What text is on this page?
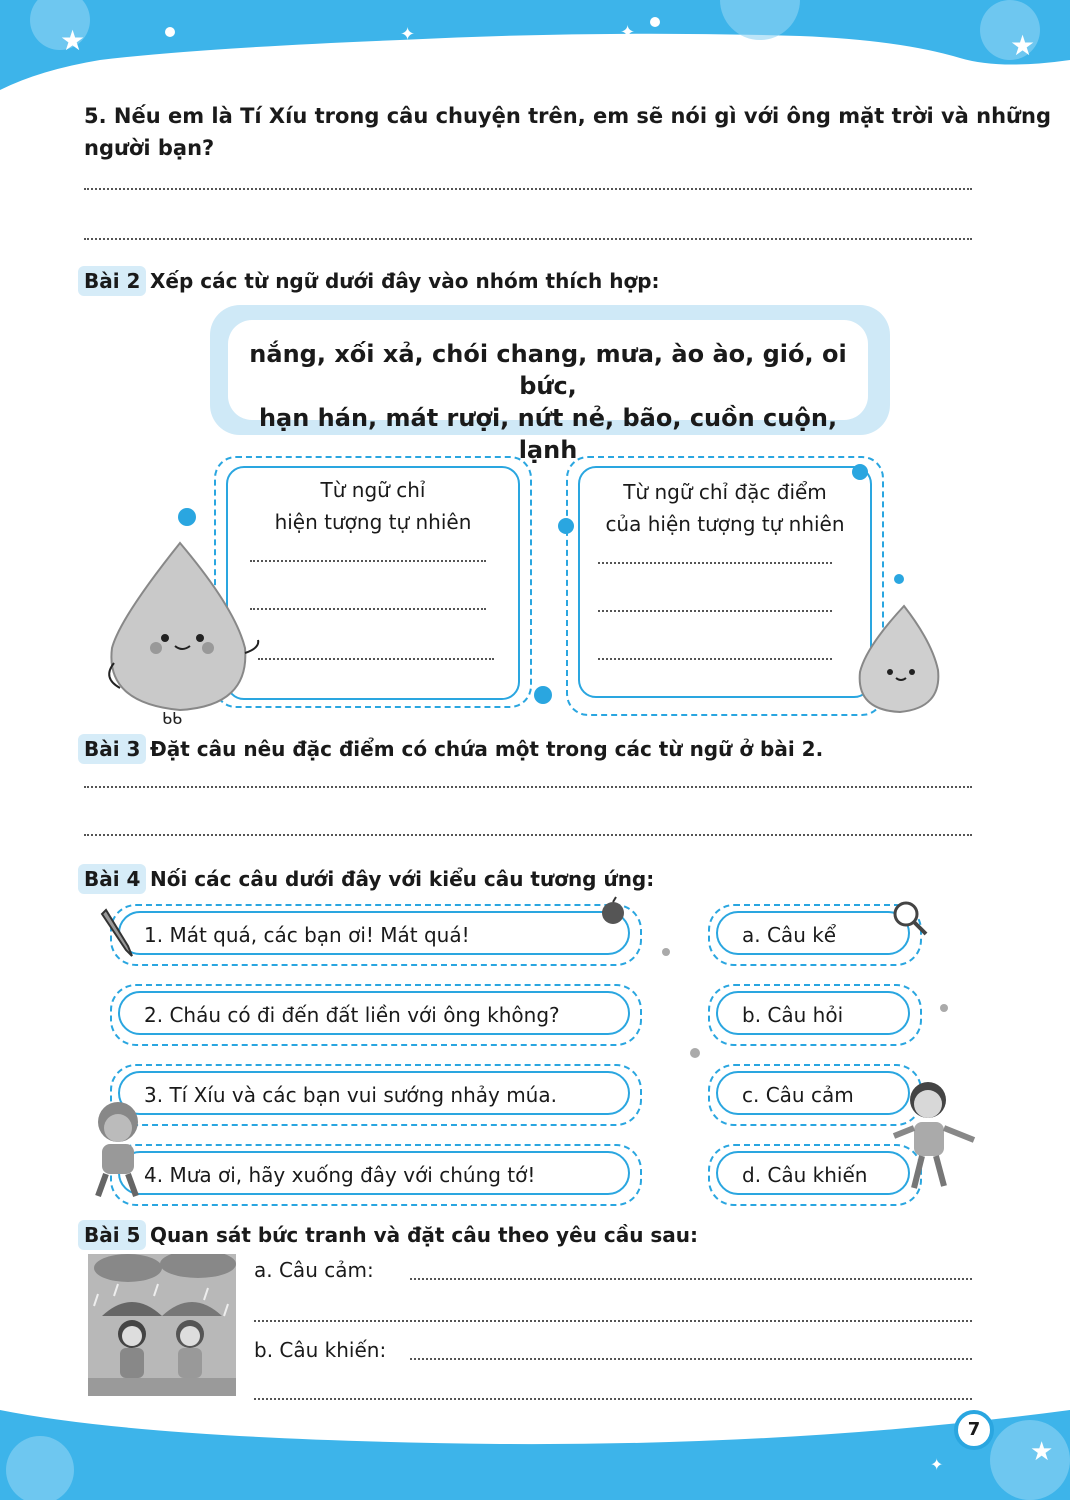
★	★
✦	✦
5. Nếu em là Tí Xíu trong câu chuyện trên, em sẽ nói gì với ông mặt trời và những
người bạn?
Bài 2 Xếp các từ ngữ dưới đây vào nhóm thích hợp:
nắng, xối xả, chói chang, mưa, ào ào, gió, oi bức,
hạn hán, mát rượi, nứt nẻ, bão, cuồn cuộn, lạnh
Từ ngữ chỉ
hiện tượng tự nhiên
Từ ngữ chỉ đặc điểm
của hiện tượng tự nhiên
ᑲᑲ
Bài 3 Đặt câu nêu đặc điểm có chứa một trong các từ ngữ ở bài 2.
Bài 4 Nối các câu dưới đây với kiểu câu tương ứng:
1. Mát quá, các bạn ơi! Mát quá!
2. Cháu có đi đến đất liền với ông không?
3. Tí Xíu và các bạn vui sướng nhảy múa.
4. Mưa ơi, hãy xuống đây với chúng tớ!
a. Câu kể
b. Câu hỏi
c. Câu cảm
d. Câu khiến
Bài 5 Quan sát bức tranh và đặt câu theo yêu cầu sau:
a. Câu cảm:
b. Câu khiến:
★
✦
7
